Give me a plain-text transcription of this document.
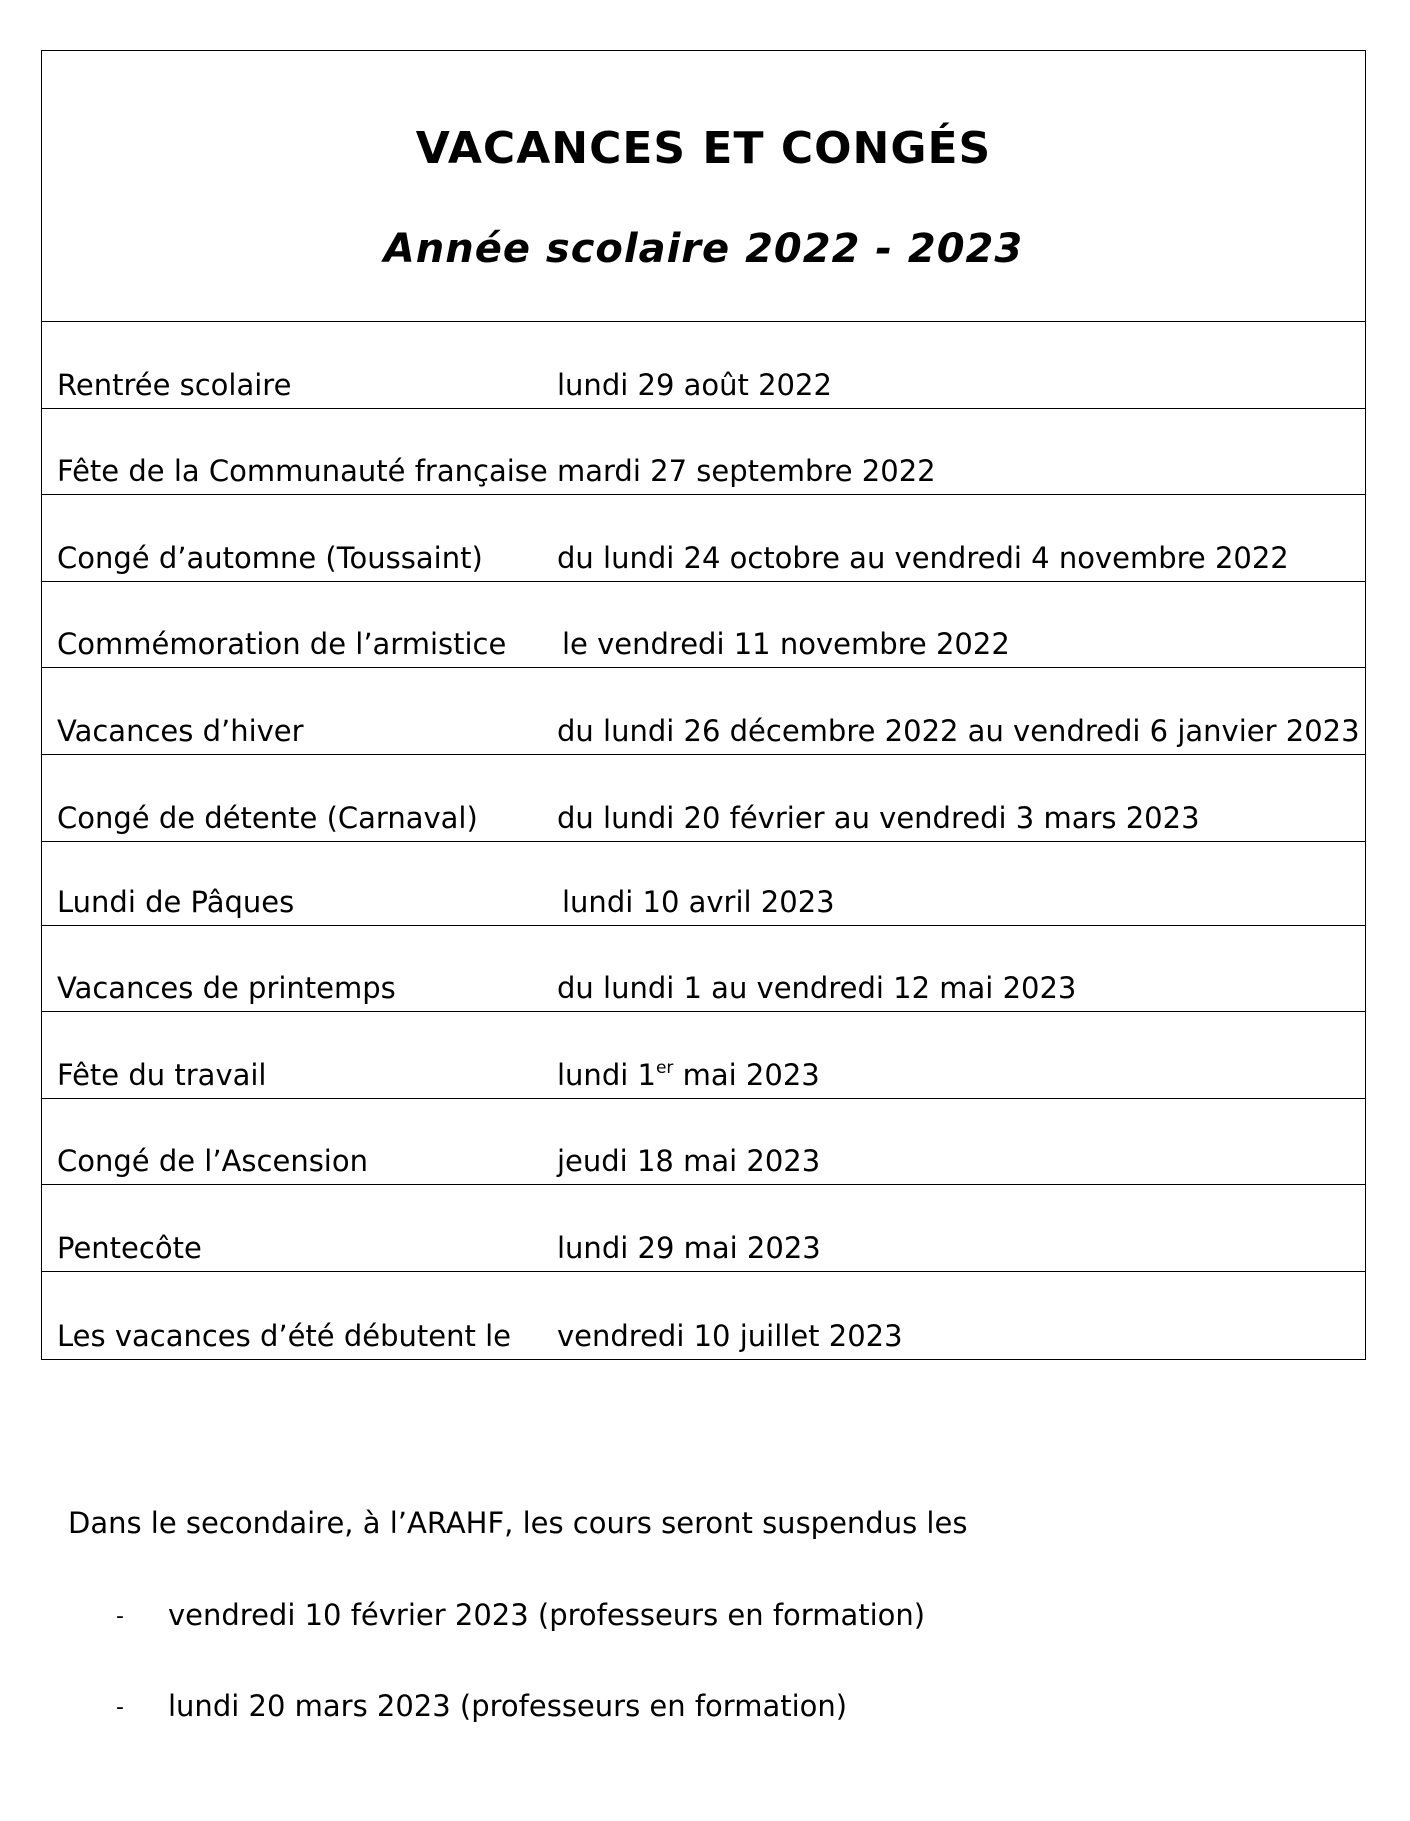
VACANCES ET CONGÉS
Année scolaire 2022 - 2023
Rentrée scolaire	lundi 29 août 2022
Fête de la Communauté française mardi 27 septembre 2022
Congé d’automne (Toussaint)	du lundi 24 octobre au vendredi 4 novembre 2022
Commémoration de l’armistice le vendredi 11 novembre 2022
Vacances d’hiver	du lundi 26 décembre 2022 au vendredi 6 janvier 2023
Congé de détente (Carnaval)	du lundi 20 février au vendredi 3 mars 2023
Lundi de Pâques	lundi 10 avril 2023
Vacances de printemps	du lundi 1 au vendredi 12 mai 2023
Fête du travail	lundi 1er mai 2023
Congé de l’Ascension	jeudi 18 mai 2023
Pentecôte	lundi 29 mai 2023
Les vacances d’été débutent le vendredi 10 juillet 2023
Dans le secondaire, à l’ARAHF, les cours seront suspendus les
- vendredi 10 février 2023 (professeurs en formation)
- lundi 20 mars 2023 (professeurs en formation)
